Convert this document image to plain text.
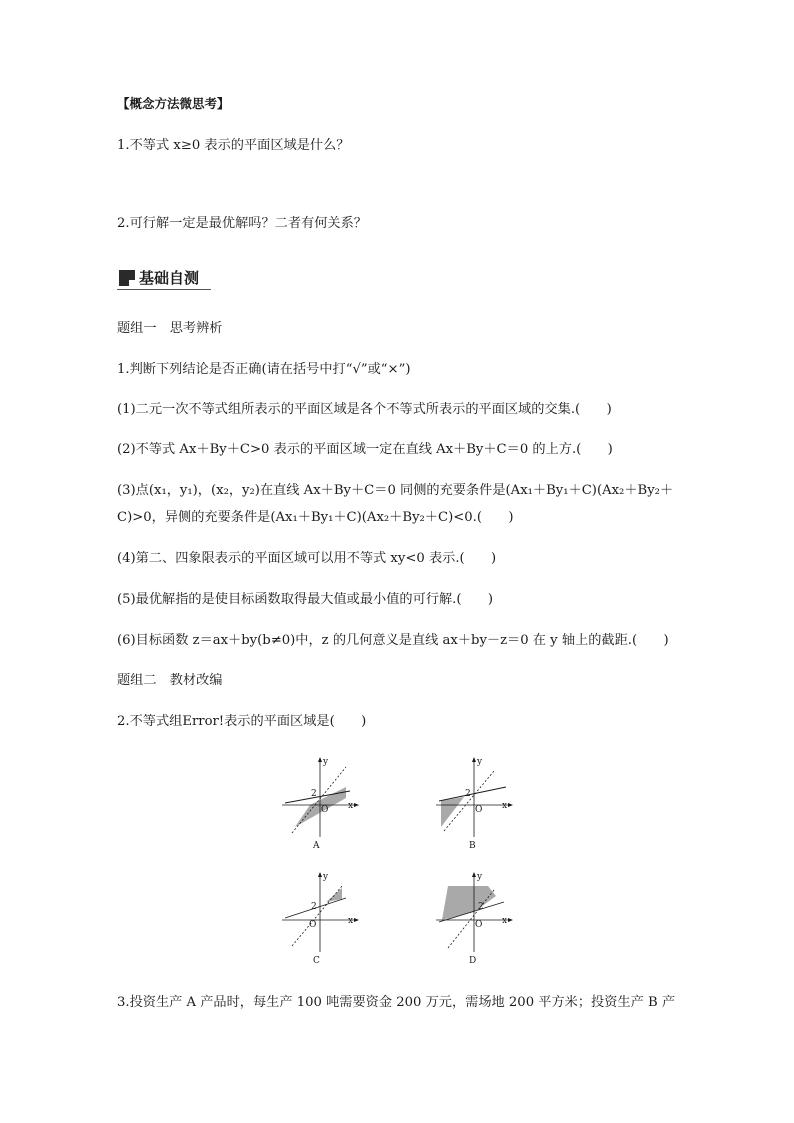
【概念方法微思考】
1.不等式 x≥0 表示的平面区域是什么？
2.可行解一定是最优解吗？二者有何关系？
基础自测
题组一　思考辨析
1.判断下列结论是否正确(请在括号中打“√”或“×”)
(1)二元一次不等式组所表示的平面区域是各个不等式所表示的平面区域的交集.(　　)
(2)不等式 Ax＋By＋C>0 表示的平面区域一定在直线 Ax＋By＋C＝0 的上方.(　　)
(3)点(x₁，y₁)，(x₂，y₂)在直线 Ax＋By＋C＝0 同侧的充要条件是(Ax₁＋By₁＋C)(Ax₂＋By₂＋
C)>0，异侧的充要条件是(Ax₁＋By₁＋C)(Ax₂＋By₂＋C)<0.(　　)
(4)第二、四象限表示的平面区域可以用不等式 xy<0 表示.(　　)
(5)最优解指的是使目标函数取得最大值或最小值的可行解.(　　)
(6)目标函数 z＝ax＋by(b≠0)中，z 的几何意义是直线 ax＋by－z＝0 在 y 轴上的截距.(　　)
题组二　教材改编
2.不等式组Error!表示的平面区域是(　　)
y
x
O
2
A
y
x
O
2
B
y
x
O
2
C
y
x
O
2
D
3.投资生产 A 产品时，每生产 100 吨需要资金 200 万元，需场地 200 平方米；投资生产 B 产
